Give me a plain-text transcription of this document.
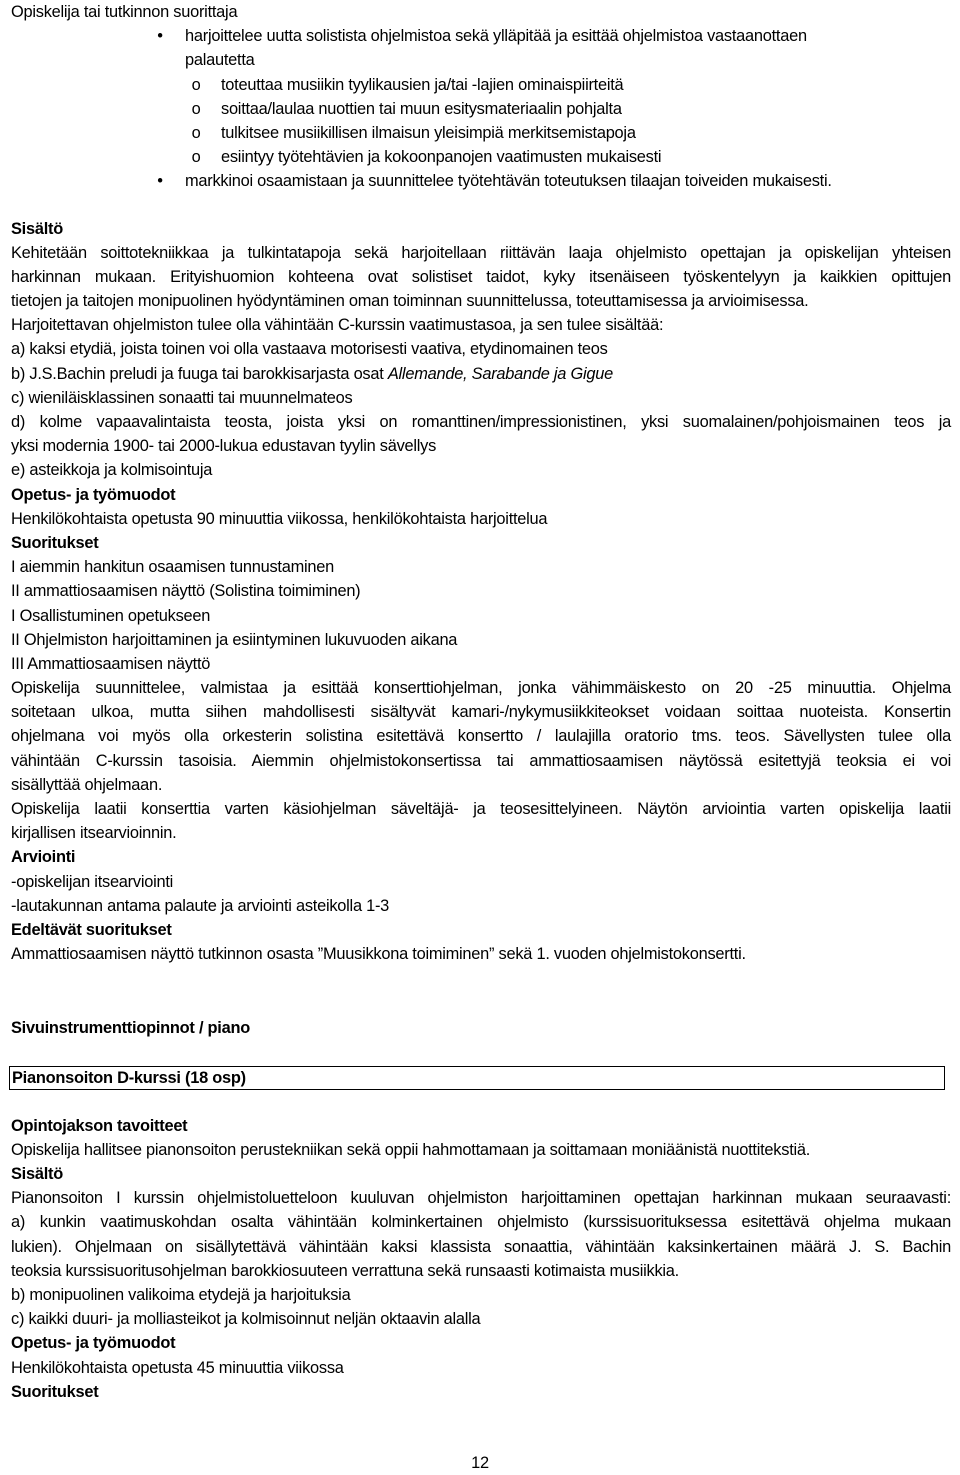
Opiskelija tai tutkinnon suorittaja
• harjoittelee uutta solistista ohjelmistoa sekä ylläpitää ja esittää ohjelmistoa vastaanottaen
palautetta
o toteuttaa musiikin tyylikausien ja/tai -lajien ominaispiirteitä
o soittaa/laulaa nuottien tai muun esitysmateriaalin pohjalta
o tulkitsee musiikillisen ilmaisun yleisimpiä merkitsemistapoja
o esiintyy työtehtävien ja kokoonpanojen vaatimusten mukaisesti
• markkinoi osaamistaan ja suunnittelee työtehtävän toteutuksen tilaajan toiveiden mukaisesti.
Sisältö
Kehitetään soittotekniikkaa ja tulkintatapoja sekä harjoitellaan riittävän laaja ohjelmisto opettajan ja opiskelijan yhteisen
harkinnan mukaan. Erityishuomion kohteena ovat solistiset taidot, kyky itsenäiseen työskentelyyn ja kaikkien opittujen
tietojen ja taitojen monipuolinen hyödyntäminen oman toiminnan suunnittelussa, toteuttamisessa ja arvioimisessa.
Harjoitettavan ohjelmiston tulee olla vähintään C-kurssin vaatimustasoa, ja sen tulee sisältää:
a) kaksi etydiä, joista toinen voi olla vastaava motorisesti vaativa, etydinomainen teos
b) J.S.Bachin preludi ja fuuga tai barokkisarjasta osat Allemande, Sarabande ja Gigue
c) wieniläisklassinen sonaatti tai muunnelmateos
d) kolme vapaavalintaista teosta, joista yksi on romanttinen/impressionistinen, yksi suomalainen/pohjoismainen teos ja
yksi modernia 1900- tai 2000-lukua edustavan tyylin sävellys
e) asteikkoja ja kolmisointuja
Opetus- ja työmuodot
Henkilökohtaista opetusta 90 minuuttia viikossa, henkilökohtaista harjoittelua
Suoritukset
I aiemmin hankitun osaamisen tunnustaminen
II ammattiosaamisen näyttö (Solistina toimiminen)
I Osallistuminen opetukseen
II Ohjelmiston harjoittaminen ja esiintyminen lukuvuoden aikana
III Ammattiosaamisen näyttö
Opiskelija suunnittelee, valmistaa ja esittää konserttiohjelman, jonka vähimmäiskesto on 20 -25 minuuttia. Ohjelma
soitetaan ulkoa, mutta siihen mahdollisesti sisältyvät kamari-/nykymusiikkiteokset voidaan soittaa nuoteista. Konsertin
ohjelmana voi myös olla orkesterin solistina esitettävä konsertto / laulajilla oratorio tms. teos. Sävellysten tulee olla
vähintään C-kurssin tasoisia. Aiemmin ohjelmistokonsertissa tai ammattiosaamisen näytössä esitettyjä teoksia ei voi
sisällyttää ohjelmaan.
Opiskelija laatii konserttia varten käsiohjelman säveltäjä- ja teosesittelyineen. Näytön arviointia varten opiskelija laatii
kirjallisen itsearvioinnin.
Arviointi
-opiskelijan itsearviointi
-lautakunnan antama palaute ja arviointi asteikolla 1-3
Edeltävät suoritukset
Ammattiosaamisen näyttö tutkinnon osasta ”Muusikkona toimiminen” sekä 1. vuoden ohjelmistokonsertti.
Sivuinstrumenttiopinnot / piano
Pianonsoiton D-kurssi (18 osp)
Opintojakson tavoitteet
Opiskelija hallitsee pianonsoiton perustekniikan sekä oppii hahmottamaan ja soittamaan moniäänistä nuottitekstiä.
Sisältö
Pianonsoiton I kurssin ohjelmistoluetteloon kuuluvan ohjelmiston harjoittaminen opettajan harkinnan mukaan seuraavasti:
a) kunkin vaatimuskohdan osalta vähintään kolminkertainen ohjelmisto (kurssisuorituksessa esitettävä ohjelma mukaan
lukien). Ohjelmaan on sisällytettävä vähintään kaksi klassista sonaattia, vähintään kaksinkertainen määrä J. S. Bachin
teoksia kurssisuoritusohjelman barokkiosuuteen verrattuna sekä runsaasti kotimaista musiikkia.
b) monipuolinen valikoima etydejä ja harjoituksia
c) kaikki duuri- ja molliasteikot ja kolmisoinnut neljän oktaavin alalla
Opetus- ja työmuodot
Henkilökohtaista opetusta 45 minuuttia viikossa
Suoritukset
12
